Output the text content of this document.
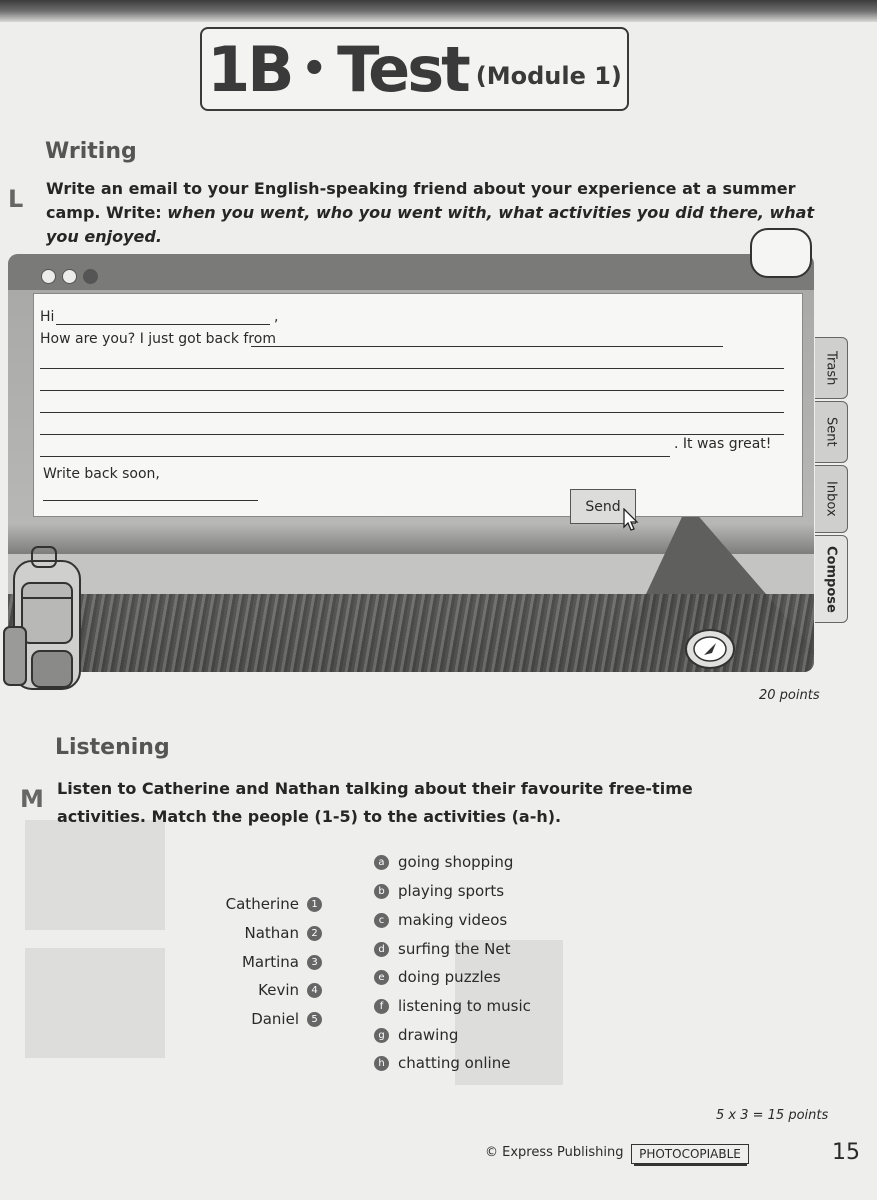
1B • Test (Module 1)
Writing
L Write an email to your English-speaking friend about your experience at a summer camp. Write: when you went, who you went with, what activities you did there, what you enjoyed.
Hi	,
How are you? I just got back from
. It was great!
Write back soon,
Send
Trash
Sent
Inbox
Compose
20 points
Listening
M Listen to Catherine and Nathan talking about their favourite free-time activities. Match the people (1-5) to the activities (a-h).
Catherine 1
Nathan 2
Martina 3
Kevin 4
Daniel 5
a going shopping
b playing sports
c making videos
d surfing the Net
e doing puzzles
f listening to music
g drawing
h chatting online
5 x 3 = 15 points
© Express Publishing	PHOTOCOPIABLE	15
